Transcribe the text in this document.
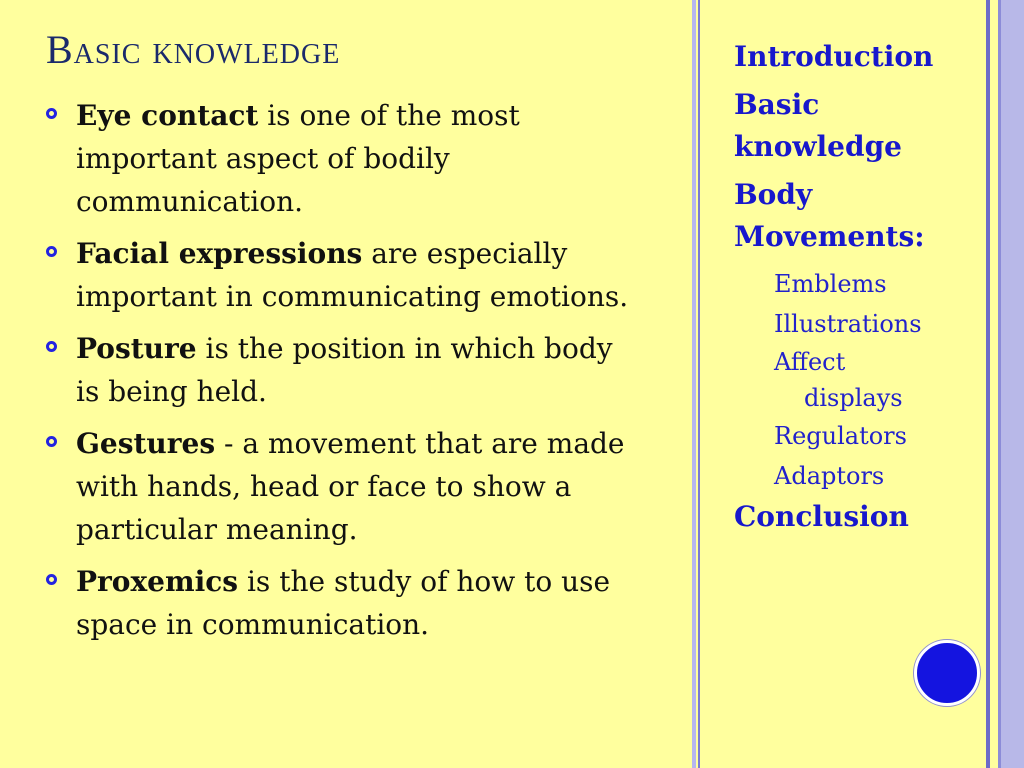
Basic knowledge
Eye contact is one of the most important aspect of bodily communication.
Facial expressions are especially important in communicating emotions.
Posture is the position in which body is being held.
Gestures - a movement that are made with hands, head or face to show a particular meaning.
Proxemics is the study of how to use space in communication.
Introduction
Basic knowledge
Body Movements:
Emblems
Illustrations
Affect
displays
Regulators
Adaptors
Conclusion
